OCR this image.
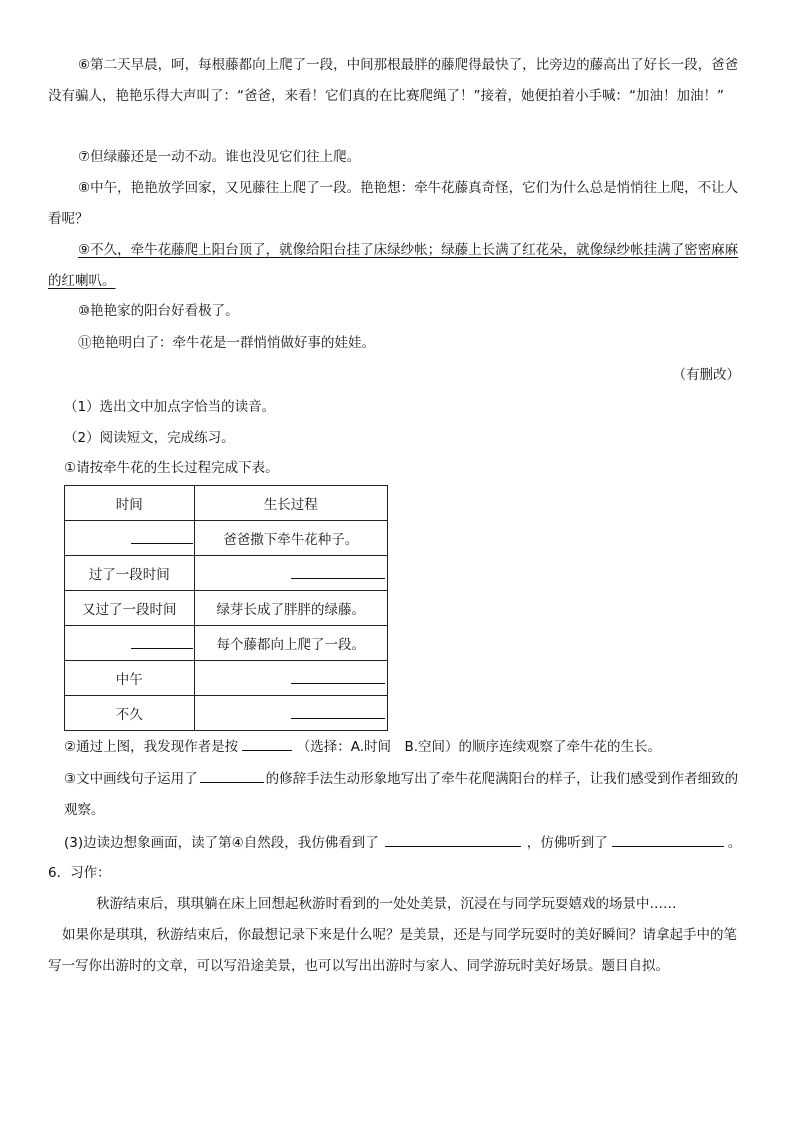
⑥第二天早晨，呵，每根藤都向上爬了一段，中间那根最胖的藤爬得最快了，比旁边的藤高出了好长一段，爸爸没有骗人，艳艳乐得大声叫了：“爸爸，来看！它们真的在比赛爬绳了！”接着，她便拍着小手喊：“加油！加油！”

⑦但绿藤还是一动不动。谁也没见它们往上爬。

⑧中午，艳艳放学回家，又见藤往上爬了一段。艳艳想：牵牛花藤真奇怪，它们为什么总是悄悄往上爬，不让人看呢？

⑨不久，牵牛花藤爬上阳台顶了，就像给阳台挂了床绿纱帐；绿藤上长满了红花朵，就像绿纱帐挂满了密密麻麻的红喇叭。

⑩艳艳家的阳台好看极了。

⑪艳艳明白了：牵牛花是一群悄悄做好事的娃娃。

（有删改）

（1）选出文中加点字恰当的读音。

（2）阅读短文，完成练习。

①请按牵牛花的生长过程完成下表。

时间	生长过程
	爸爸撒下牵牛花种子。
过了一段时间	
又过了一段时间	绿芽长成了胖胖的绿藤。
	每个藤都向上爬了一段。
中午	
不久	

②通过上图，我发现作者是按	（选择：A.时间　B.空间）的顺序连续观察了牵牛花的生长。

③文中画线句子运用了	的修辞手法生动形象地写出了牵牛花爬满阳台的样子，让我们感受到作者细致的观察。

(3)边读边想象画面，读了第④自然段，我仿佛看到了	，仿佛听到了	。

6．习作：

秋游结束后，琪琪躺在床上回想起秋游时看到的一处处美景，沉浸在与同学玩耍嬉戏的场景中……

如果你是琪琪，秋游结束后，你最想记录下来是什么呢？是美景，还是与同学玩耍时的美好瞬间？请拿起手中的笔写一写你出游时的文章，可以写沿途美景，也可以写出出游时与家人、同学游玩时美好场景。题目自拟。
